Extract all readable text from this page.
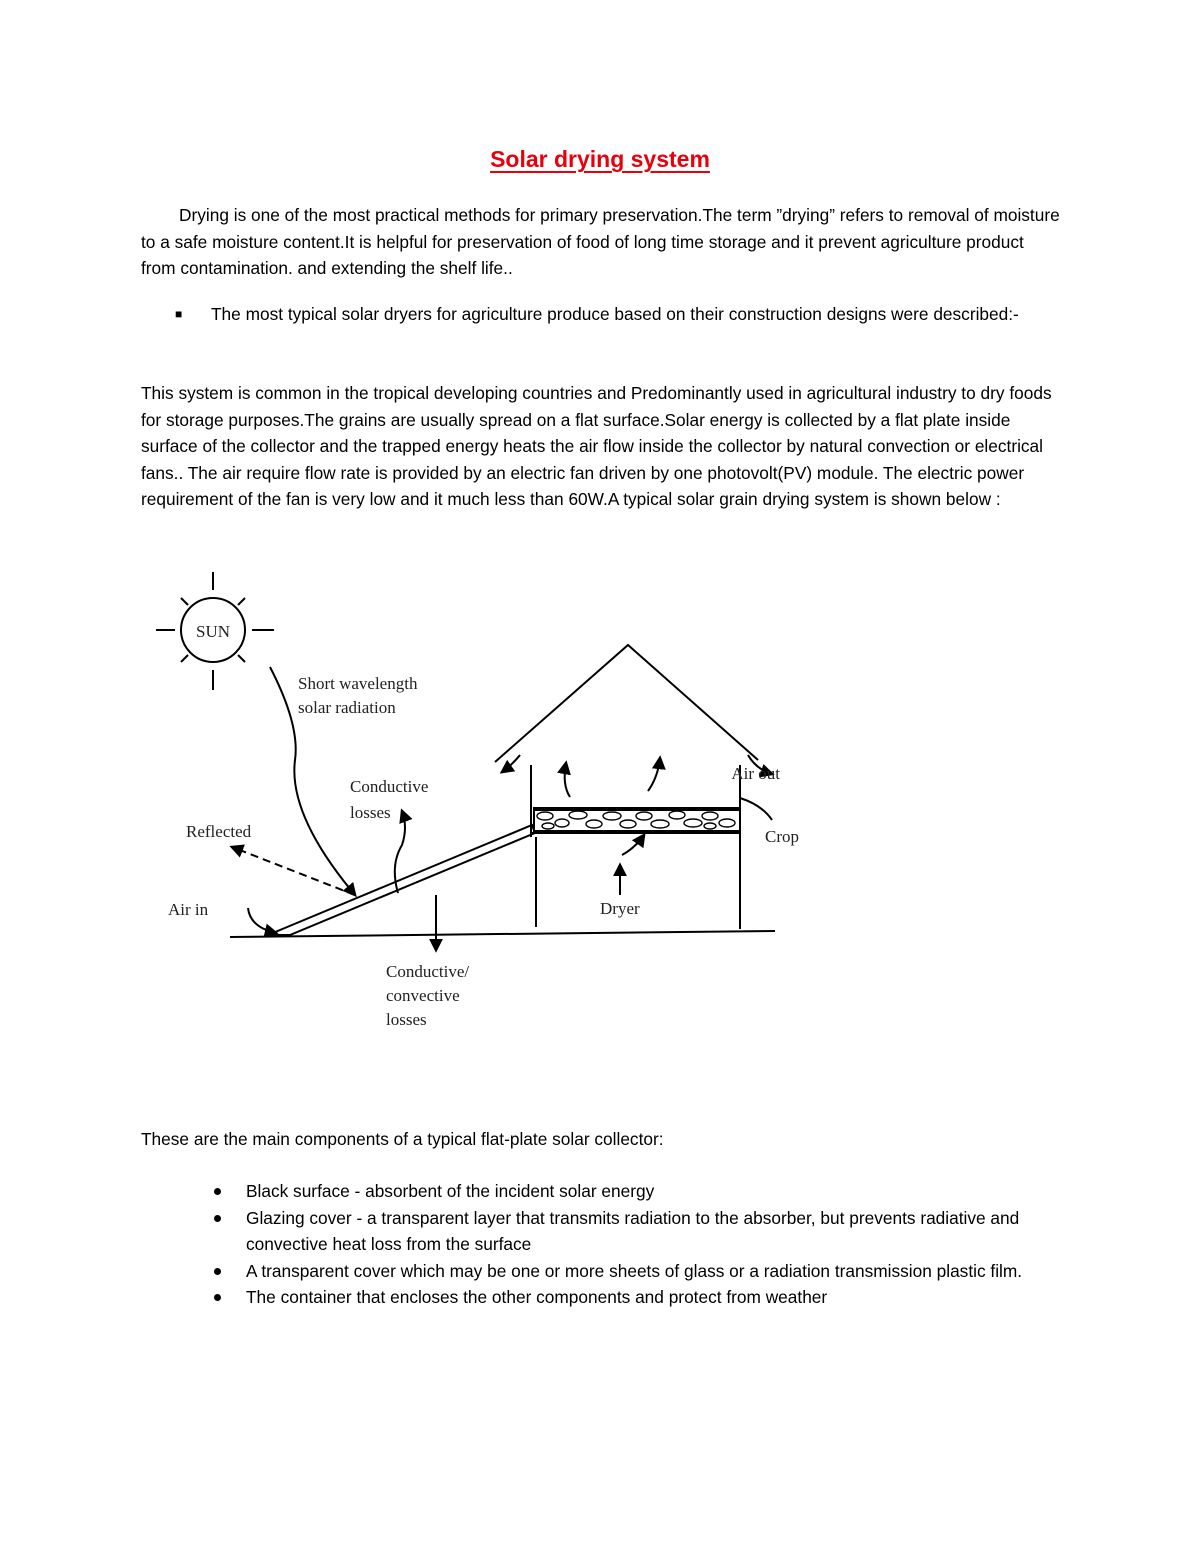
Solar drying system
Drying is one of the most practical methods for primary preservation.The term ”drying” refers to removal of moisture to a safe moisture content.It is helpful for preservation of food of long time storage and it prevent agriculture product from contamination. and extending the shelf life..
■ The most typical solar dryers for agriculture produce based on their construction designs were described:-
This system is common in the tropical developing countries and Predominantly used in agricultural industry to dry foods for storage purposes.The grains are usually spread on a flat surface.Solar energy is collected by a flat plate inside surface of the collector and the trapped energy heats the air flow inside the collector by natural convection or electrical fans.. The air require flow rate is provided by an electric fan driven by one photovolt(PV) module. The electric power requirement of the fan is very low and it much less than 60W.A typical solar grain drying system is shown below :
SUN
Short wavelength
solar radiation
Conductive
losses
Reflected
Air in
Air out
Crop
Dryer
Conductive/
convective
losses
These are the main components of a typical flat-plate solar collector:
Black surface - absorbent of the incident solar energy
Glazing cover - a transparent layer that transmits radiation to the absorber, but prevents radiative and convective heat loss from the surface
A transparent cover which may be one or more sheets of glass or a radiation transmission plastic film.
The container that encloses the other components and protect from weather
